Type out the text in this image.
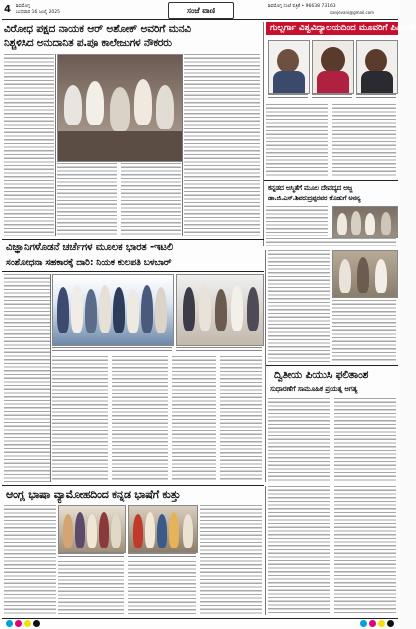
4 ಶಿವಮೊಗ್ಗ
ಬುಧವಾರ 16 ಜುಲೈ 2025	ಸಂಜೆ ವಾಣಿ	ಶಿವಮೊಗ್ಗ ಸಂಜೆ ಪತ್ರಿಕೆ • 96638 73163
sanjevani@gmail.com
ವಿರೋಧ ಪಕ್ಷದ ನಾಯಕ ಆರ್ ಅಶೋಕ್ ಅವರಿಗೆ ಮನವಿ
ನಿಶ್ಚಳಿಸಿದ ಅನುದಾನಿತ ಪ.ಪೂ ಕಾಲೇಜುಗಳ ನೌಕರರು
ಗುಲ್ಬರ್ಗಾ ವಿಶ್ವವಿದ್ಯಾಲಯದಿಂದ ಮೂವರಿಗೆ ಪಿಎಚ್‌ಡಿ
ಕನ್ನಡದ ಅಸ್ಮಿತೆಗೆ ಮೂಲ ದೇವದ್ಯದ ಅಜ್ಜ
ಡಾ.ಜಿ.ಎಸ್.ಶಿವರುದ್ರಪ್ಪರವರ ಕೊಡುಗೆ ಅನನ್ಯ
ವಿಜ್ಞಾನಿಗಳೊಡನೆ ಚರ್ಚೆಗಳ ಮೂಲಕ ಭಾರತ -ಇಟಲಿ
ಸಂಶೋಧನಾ ಸಹಕಾರಕ್ಕೆ ದಾರಿ: ನಿಯಕ ಕುಲಪತಿ ಬಳಬಾರ್
ದ್ವಿತೀಯ ಪಿಯುಸಿ ಫಲಿತಾಂಶ
ಸುಧಾರಣೆಗೆ ಸಾಮೂಹಿಕ ಪ್ರಯತ್ನ ಅಗತ್ಯ
ಆಂಗ್ಲ ಭಾಷಾ ವ್ಯಾಮೋಹದಿಂದ ಕನ್ನಡ ಭಾಷೆಗೆ ಕುತ್ತು
